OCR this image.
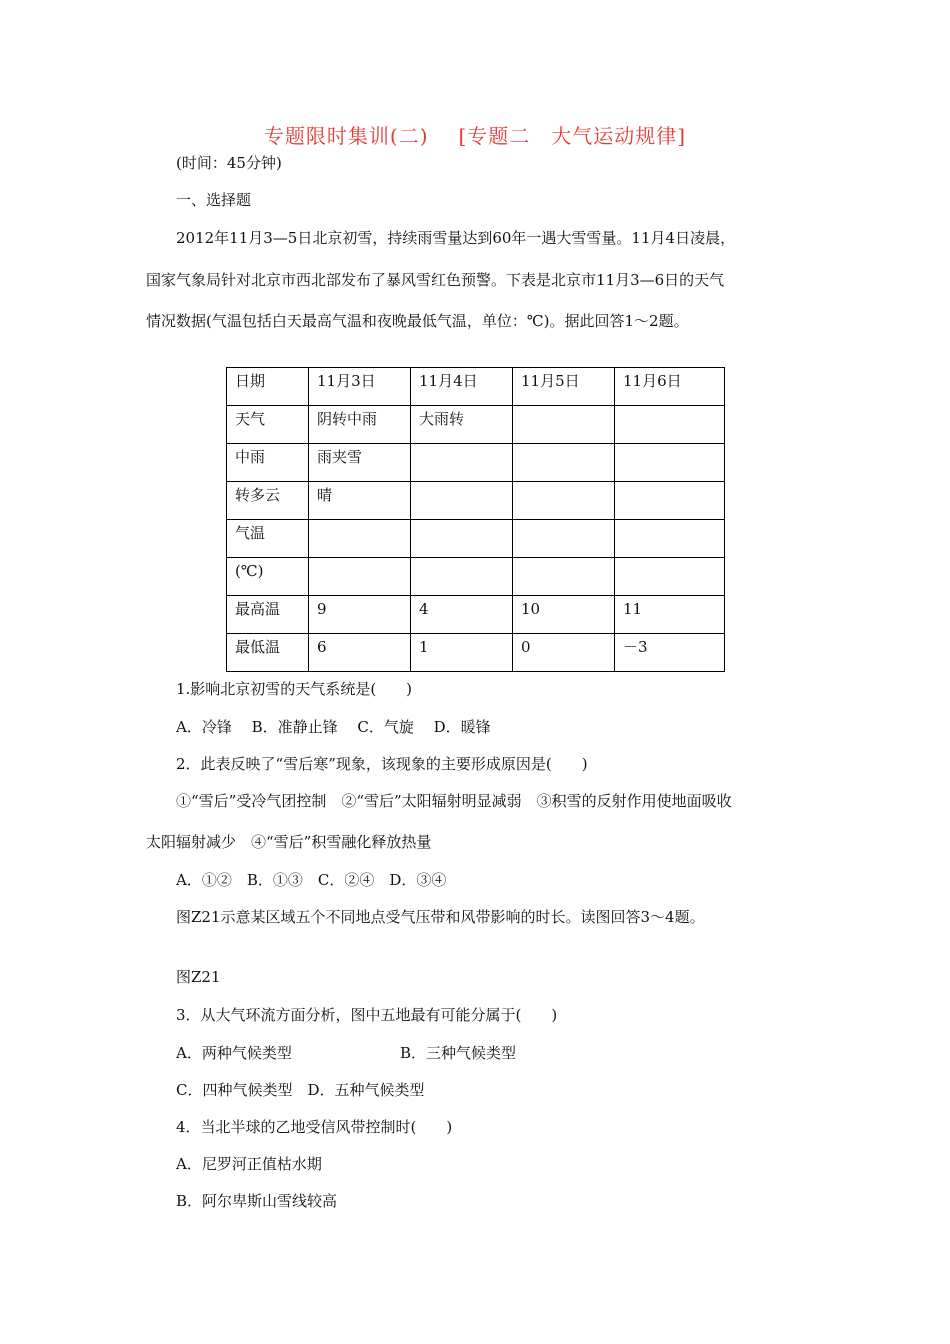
专题限时集训(二) [专题二　大气运动规律]
(时间：45分钟)
一、选择题
2012年11月3—5日北京初雪，持续雨雪量达到60年一遇大雪雪量。11月4日凌晨，
国家气象局针对北京市西北部发布了暴风雪红色预警。下表是北京市11月3—6日的天气
情况数据(气温包括白天最高气温和夜晚最低气温，单位：℃)。据此回答1～2题。
日期	11月3日	11月4日	11月5日	11月6日
天气	阴转中雨	大雨转		
中雨	雨夹雪			
转多云	晴			
气温				
(℃)				
最高温	9	4	10	11
最低温	6	1	0	－3
1.影响北京初雪的天气系统是(　　)
A．冷锋　 B．准静止锋　 C．气旋　 D．暖锋
2．此表反映了“雪后寒”现象，该现象的主要形成原因是(　　)
①“雪后”受冷气团控制　②“雪后”太阳辐射明显减弱　③积雪的反射作用使地面吸收
太阳辐射减少　④“雪后”积雪融化释放热量
A．①②　B．①③　C．②④　D．③④
图Z21示意某区域五个不同地点受气压带和风带影响的时长。读图回答3～4题。
图Z21
3．从大气环流方面分析，图中五地最有可能分属于(　　)
A．两种气候类型	B．三种气候类型
C．四种气候类型　D．五种气候类型
4．当北半球的乙地受信风带控制时(　　)
A．尼罗河正值枯水期
B．阿尔卑斯山雪线较高
